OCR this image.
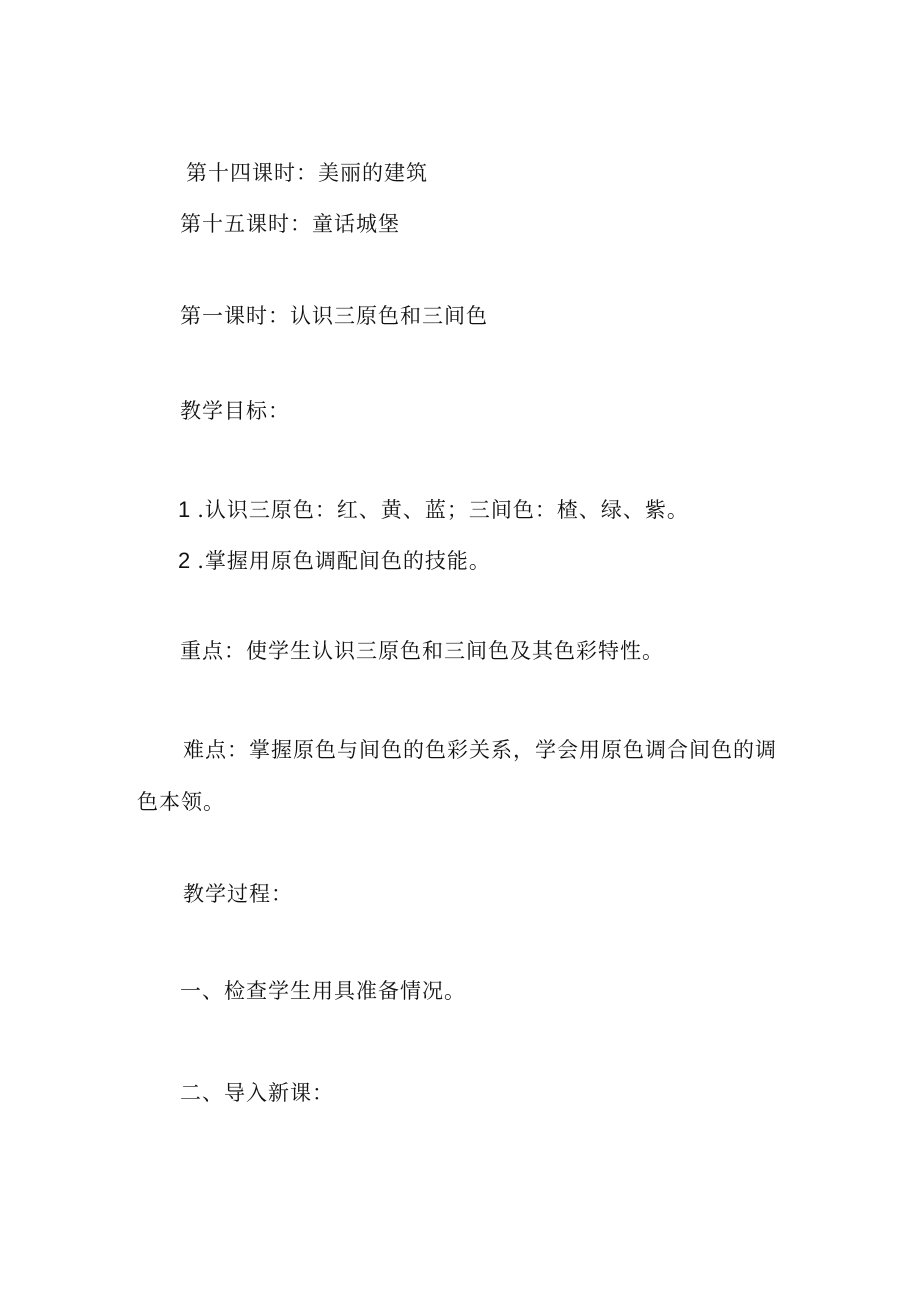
第十四课时：美丽的建筑

第十五课时：童话城堡

第一课时：认识三原色和三间色

教学目标：

1 .认识三原色：红、黄、蓝；三间色：楂、绿、紫。

2 .掌握用原色调配间色的技能。

重点：使学生认识三原色和三间色及其色彩特性。

难点：掌握原色与间色的色彩关系，学会用原色调合间色的调

色本领。

教学过程：

一、检查学生用具准备情况。

二、导入新课：
